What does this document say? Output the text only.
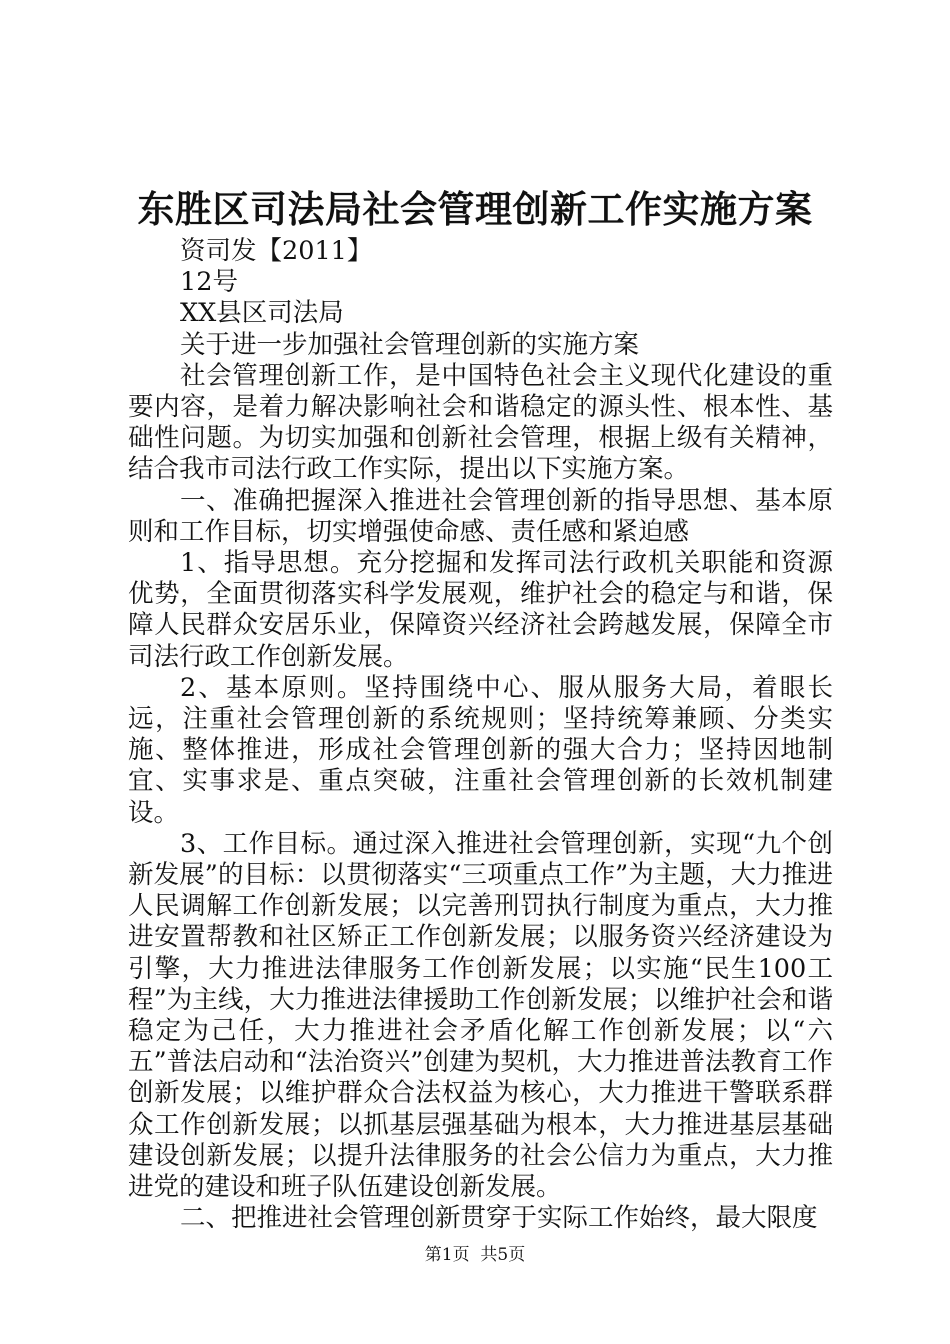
东胜区司法局社会管理创新工作实施方案
资司发【2011】
12号
XX县区司法局
关于进一步加强社会管理创新的实施方案

社会管理创新工作，是中国特色社会主义现代化建设的重要内容，是着力解决影响社会和谐稳定的源头性、根本性、基础性问题。为切实加强和创新社会管理，根据上级有关精神，结合我市司法行政工作实际，提出以下实施方案。

一、准确把握深入推进社会管理创新的指导思想、基本原则和工作目标，切实增强使命感、责任感和紧迫感

1、指导思想。充分挖掘和发挥司法行政机关职能和资源优势，全面贯彻落实科学发展观，维护社会的稳定与和谐，保障人民群众安居乐业，保障资兴经济社会跨越发展，保障全市司法行政工作创新发展。

2、基本原则。坚持围绕中心、服从服务大局，着眼长远，注重社会管理创新的系统规则；坚持统筹兼顾、分类实施、整体推进，形成社会管理创新的强大合力；坚持因地制宜、实事求是、重点突破，注重社会管理创新的长效机制建设。

3、工作目标。通过深入推进社会管理创新，实现“九个创新发展”的目标：以贯彻落实“三项重点工作”为主题，大力推进人民调解工作创新发展；以完善刑罚执行制度为重点，大力推进安置帮教和社区矫正工作创新发展；以服务资兴经济建设为引擎，大力推进法律服务工作创新发展；以实施“民生100工程”为主线，大力推进法律援助工作创新发展；以维护社会和谐稳定为己任，大力推进社会矛盾化解工作创新发展；以“六五”普法启动和“法治资兴”创建为契机，大力推进普法教育工作创新发展；以维护群众合法权益为核心，大力推进干警联系群众工作创新发展；以抓基层强基础为根本，大力推进基层基础建设创新发展；以提升法律服务的社会公信力为重点，大力推进党的建设和班子队伍建设创新发展。

二、把推进社会管理创新贯穿于实际工作始终，最大限度

第1页 共5页
